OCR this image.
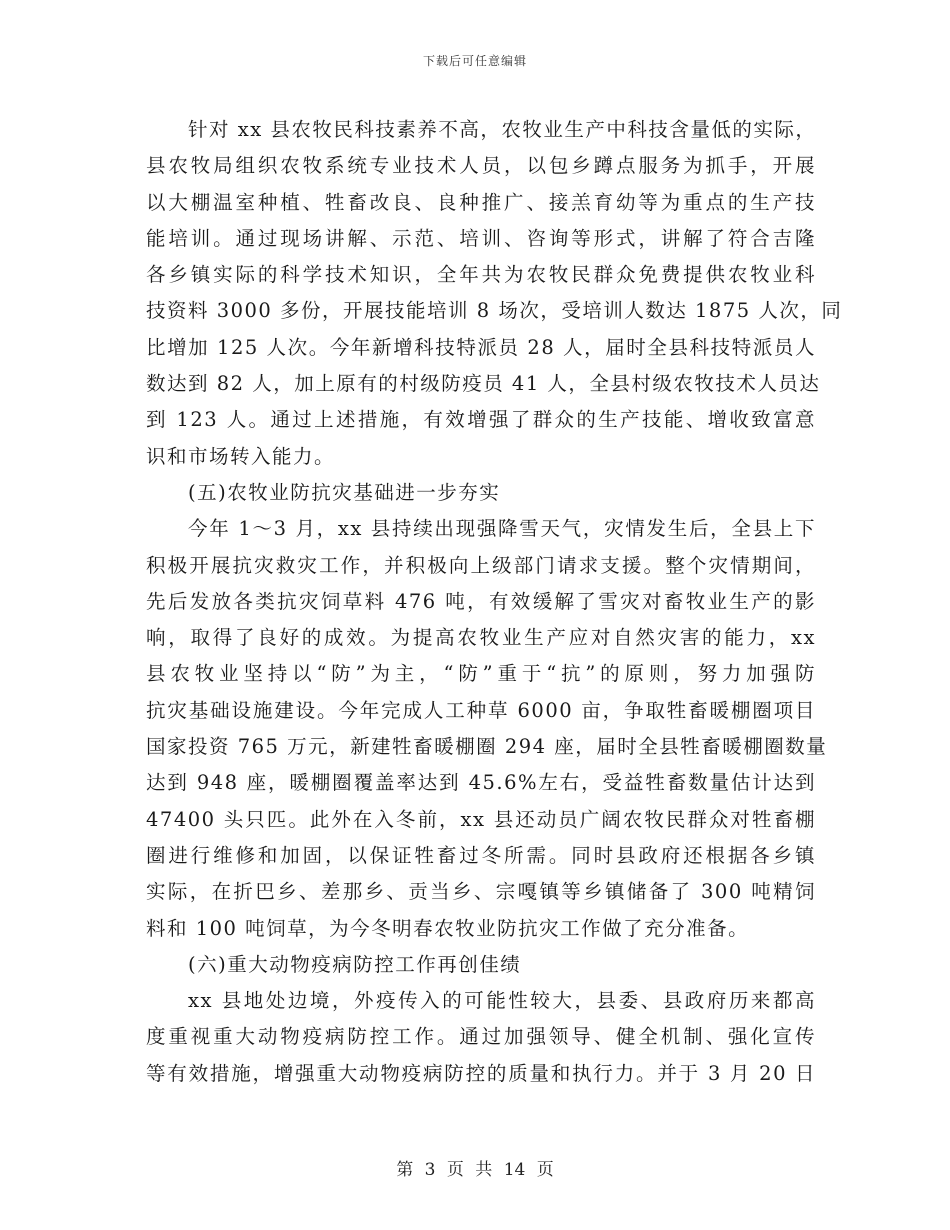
下载后可任意编辑
针对 xx 县农牧民科技素养不高，农牧业生产中科技含量低的实际，
县农牧局组织农牧系统专业技术人员，以包乡蹲点服务为抓手，开展
以大棚温室种植、牲畜改良、良种推广、接羔育幼等为重点的生产技
能培训。通过现场讲解、示范、培训、咨询等形式，讲解了符合吉隆
各乡镇实际的科学技术知识，全年共为农牧民群众免费提供农牧业科
技资料 3000 多份，开展技能培训 8 场次，受培训人数达 1875 人次，同
比增加 125 人次。今年新增科技特派员 28 人，届时全县科技特派员人
数达到 82 人，加上原有的村级防疫员 41 人，全县村级农牧技术人员达
到 123 人。通过上述措施，有效增强了群众的生产技能、增收致富意
识和市场转入能力。
(五)农牧业防抗灾基础进一步夯实
今年 1～3 月，xx 县持续出现强降雪天气，灾情发生后，全县上下
积极开展抗灾救灾工作，并积极向上级部门请求支援。整个灾情期间，
先后发放各类抗灾饲草料 476 吨，有效缓解了雪灾对畜牧业生产的影
响，取得了良好的成效。为提高农牧业生产应对自然灾害的能力，xx
县农牧业坚持以“防”为主，“防”重于“抗”的原则，努力加强防
抗灾基础设施建设。今年完成人工种草 6000 亩，争取牲畜暖棚圈项目
国家投资 765 万元，新建牲畜暖棚圈 294 座，届时全县牲畜暖棚圈数量
达到 948 座，暖棚圈覆盖率达到 45.6%左右，受益牲畜数量估计达到
47400 头只匹。此外在入冬前，xx 县还动员广阔农牧民群众对牲畜棚
圈进行维修和加固，以保证牲畜过冬所需。同时县政府还根据各乡镇
实际，在折巴乡、差那乡、贡当乡、宗嘎镇等乡镇储备了 300 吨精饲
料和 100 吨饲草，为今冬明春农牧业防抗灾工作做了充分准备。
(六)重大动物疫病防控工作再创佳绩
xx 县地处边境，外疫传入的可能性较大，县委、县政府历来都高
度重视重大动物疫病防控工作。通过加强领导、健全机制、强化宣传
等有效措施，增强重大动物疫病防控的质量和执行力。并于 3 月 20 日
第 3 页 共 14 页
